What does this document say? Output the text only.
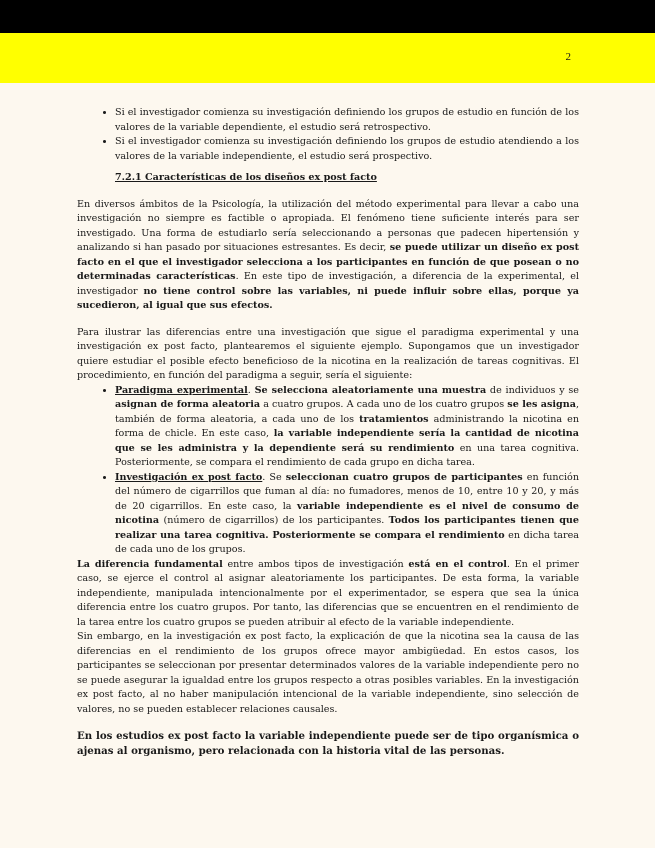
2
• Si el investigador comienza su investigación definiendo los grupos de estudio en función de los valores de la variable dependiente, el estudio será retrospectivo.
• Si el investigador comienza su investigación definiendo los grupos de estudio atendiendo a los valores de la variable independiente, el estudio será prospectivo.
7.2.1 Características de los diseños ex post facto

En diversos ámbitos de la Psicología, la utilización del método experimental para llevar a cabo una investigación no siempre es factible o apropiada. El fenómeno tiene suficiente interés para ser investigado. Una forma de estudiarlo sería seleccionando a personas que padecen hipertensión y analizando si han pasado por situaciones estresantes. Es decir, se puede utilizar un diseño ex post facto en el que el investigador selecciona a los participantes en función de que posean o no determinadas características. En este tipo de investigación, a diferencia de la experimental, el investigador no tiene control sobre las variables, ni puede influir sobre ellas, porque ya sucedieron, al igual que sus efectos.

Para ilustrar las diferencias entre una investigación que sigue el paradigma experimental y una investigación ex post facto, plantearemos el siguiente ejemplo. Supongamos que un investigador quiere estudiar el posible efecto beneficioso de la nicotina en la realización de tareas cognitivas. El procedimiento, en función del paradigma a seguir, sería el siguiente:

• Paradigma experimental. Se selecciona aleatoriamente una muestra de individuos y se asignan de forma aleatoria a cuatro grupos. A cada uno de los cuatro grupos se les asigna, también de forma aleatoria, a cada uno de los tratamientos administrando la nicotina en forma de chicle. En este caso, la variable independiente sería la cantidad de nicotina que se les administra y la dependiente será su rendimiento en una tarea cognitiva. Posteriormente, se compara el rendimiento de cada grupo en dicha tarea.
• Investigación ex post facto. Se seleccionan cuatro grupos de participantes en función del número de cigarrillos que fuman al día: no fumadores, menos de 10, entre 10 y 20, y más de 20 cigarrillos. En este caso, la variable independiente es el nivel de consumo de nicotina (número de cigarrillos) de los participantes. Todos los participantes tienen que realizar una tarea cognitiva. Posteriormente se compara el rendimiento en dicha tarea de cada uno de los grupos.

La diferencia fundamental entre ambos tipos de investigación está en el control. En el primer caso, se ejerce el control al asignar aleatoriamente los participantes. De esta forma, la variable independiente, manipulada intencionalmente por el experimentador, se espera que sea la única diferencia entre los cuatro grupos. Por tanto, las diferencias que se encuentren en el rendimiento de la tarea entre los cuatro grupos se pueden atribuir al efecto de la variable independiente.

Sin embargo, en la investigación ex post facto, la explicación de que la nicotina sea la causa de las diferencias en el rendimiento de los grupos ofrece mayor ambigüedad. En estos casos, los participantes se seleccionan por presentar determinados valores de la variable independiente pero no se puede asegurar la igualdad entre los grupos respecto a otras posibles variables. En la investigación ex post facto, al no haber manipulación intencional de la variable independiente, sino selección de valores, no se pueden establecer relaciones causales.

En los estudios ex post facto la variable independiente puede ser de tipo organísmica o ajenas al organismo, pero relacionada con la historia vital de las personas.
